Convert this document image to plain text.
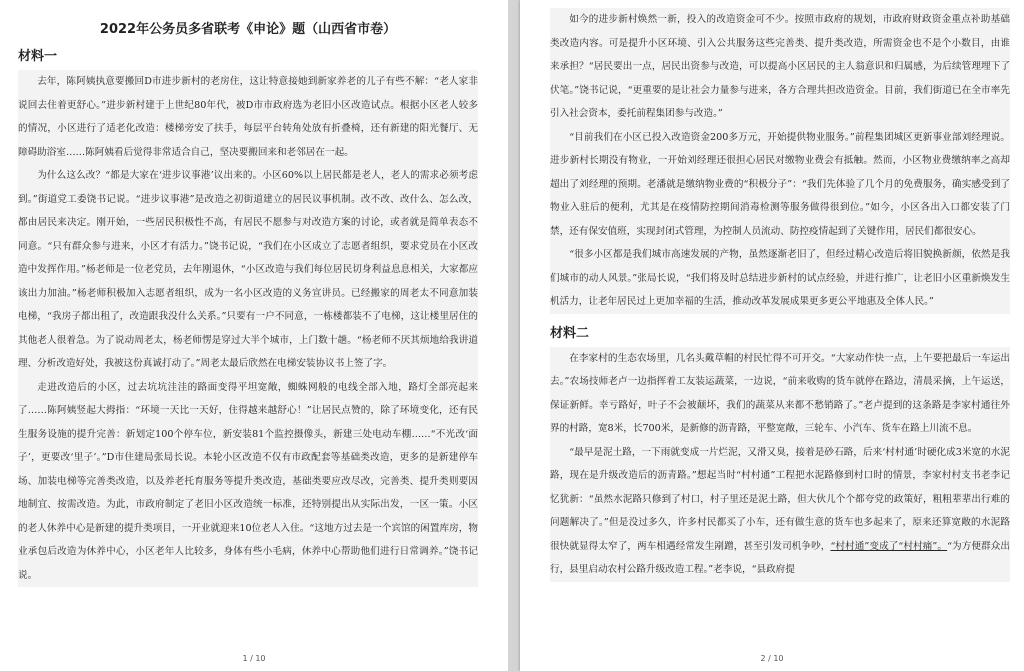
2022年公务员多省联考《申论》题（山西省市卷）
材料一

去年，陈阿姨执意要搬回D市进步新村的老房住，这让特意接她到新家养老的儿子有些不解：“老人家非说回去住着更舒心。”进步新村建于上世纪80年代，被D市市政府选为老旧小区改造试点。根据小区老人较多的情况，小区进行了适老化改造：楼梯旁安了扶手，每层平台转角处放有折叠椅，还有新建的阳光餐厅、无障碍助浴室……陈阿姨看后觉得非常适合自己，坚决要搬回来和老邻居在一起。

为什么这么改？“都是大家在‘进步议事港’议出来的。小区60%以上居民都是老人，老人的需求必须考虑到。”街道党工委饶书记说。“进步议事港”是改造之初街道建立的居民议事机制。改不改、改什么、怎么改，都由居民来决定。刚开始，一些居民积极性不高，有居民不愿参与对改造方案的讨论，或者就是简单表态不同意。“只有群众参与进来，小区才有活力。”饶书记说，“我们在小区成立了志愿者组织，要求党员在小区改造中发挥作用。”杨老师是一位老党员，去年刚退休，“小区改造与我们每位居民切身利益息息相关，大家都应该出力加油。”杨老师积极加入志愿者组织，成为一名小区改造的义务宣讲员。已经搬家的周老太不同意加装电梯，“我房子都出租了，改造跟我没什么关系。”只要有一户不同意，一栋楼都装不了电梯，这让楼里居住的其他老人很着急。为了说动周老太，杨老师愣是穿过大半个城市，上门数十趟。“杨老师不厌其烦地给我讲道理、分析改造好处，我被这份真诚打动了。”周老太最后欣然在电梯安装协议书上签了字。

走进改造后的小区，过去坑坑洼洼的路面变得平坦宽敞，蜘蛛网般的电线全部入地，路灯全部亮起来了……陈阿姨竖起大拇指：“环境一天比一天好，住得越来越舒心！”让居民点赞的，除了环境变化，还有民生服务设施的提升完善：新划定100个停车位，新安装81个监控摄像头，新建三处电动车棚……“不光改‘面子’，更要改‘里子’。”D市住建局张局长说。本轮小区改造不仅有市政配套等基础类改造，更多的是新建停车场、加装电梯等完善类改造，以及养老托育服务等提升类改造，基础类要应改尽改，完善类、提升类则要因地制宜、按需改造。为此，市政府制定了老旧小区改造统一标准，还特别提出从实际出发，一区一策。小区的老人休养中心是新建的提升类项目，一开业就迎来10位老人入住。“这地方过去是一个宾馆的闲置库房，物业承包后改造为休养中心，小区老年人比较多，身体有些小毛病，休养中心帮助他们进行日常调养。”饶书记说。

1 / 10

如今的进步新村焕然一新，投入的改造资金可不少。按照市政府的规划，市政府财政资金重点补助基础类改造内容。可是提升小区环境、引入公共服务这些完善类、提升类改造，所需资金也不是个小数目，由谁来承担？“居民要出一点，居民出资参与改造，可以提高小区居民的主人翁意识和归属感，为后续管理埋下了伏笔。”饶书记说，“更重要的是让社会力量参与进来，各方合理共担改造资金。目前，我们街道已在全市率先引入社会资本，委托前程集团参与改造。”

“目前我们在小区已投入改造资金200多万元，开始提供物业服务。”前程集团城区更新事业部刘经理说。进步新村长期没有物业，一开始刘经理还很担心居民对缴物业费会有抵触。然而，小区物业费缴纳率之高却超出了刘经理的预期。老潘就是缴纳物业费的“积极分子”：“我们先体验了几个月的免费服务，确实感受到了物业入驻后的便利，尤其是在疫情防控期间消毒检测等服务做得很到位。”如今，小区各出入口都安装了门禁，还有保安值班，实现封闭式管理，为控制人员流动、防控疫情起到了关键作用，居民们都很安心。

“很多小区都是我们城市高速发展的产物，虽然逐渐老旧了，但经过精心改造后将旧貌换新颜，依然是我们城市的动人风景。”张局长说，“我们将及时总结进步新村的试点经验，并进行推广，让老旧小区重新焕发生机活力，让老年居民过上更加幸福的生活，推动改革发展成果更多更公平地惠及全体人民。”

材料二

在李家村的生态农场里，几名头戴草帽的村民忙得不可开交。“大家动作快一点，上午要把最后一车运出去。”农场技师老卢一边指挥着工友装运蔬菜，一边说，“前来收购的货车就停在路边，清晨采摘，上午运送，保证新鲜。幸亏路好，叶子不会被颠坏，我们的蔬菜从来都不愁销路了。”老卢提到的这条路是李家村通往外界的村路，宽8米，长700米，是新修的沥青路，平整宽敞，三轮车、小汽车、货车在路上川流不息。

“最早是泥土路，一下雨就变成一片烂泥，又滑又臭，接着是砂石路，后来‘村村通’时硬化成3米宽的水泥路，现在是升级改造后的沥青路。”想起当时“村村通”工程把水泥路修到村口时的情景，李家村村支书老李记忆犹新：“虽然水泥路只修到了村口，村子里还是泥土路，但大伙儿个个都夸党的政策好，粗粗辈辈出行难的问题解决了。”但是没过多久，许多村民都买了小车，还有做生意的货车也多起来了，原来还算宽敞的水泥路很快就显得太窄了，两车相遇经常发生剐蹭，甚至引发司机争吵，“村村通”变成了“村村痛”。“为方便群众出行，县里启动农村公路升级改造工程。”老李说，“县政府提

2 / 10
